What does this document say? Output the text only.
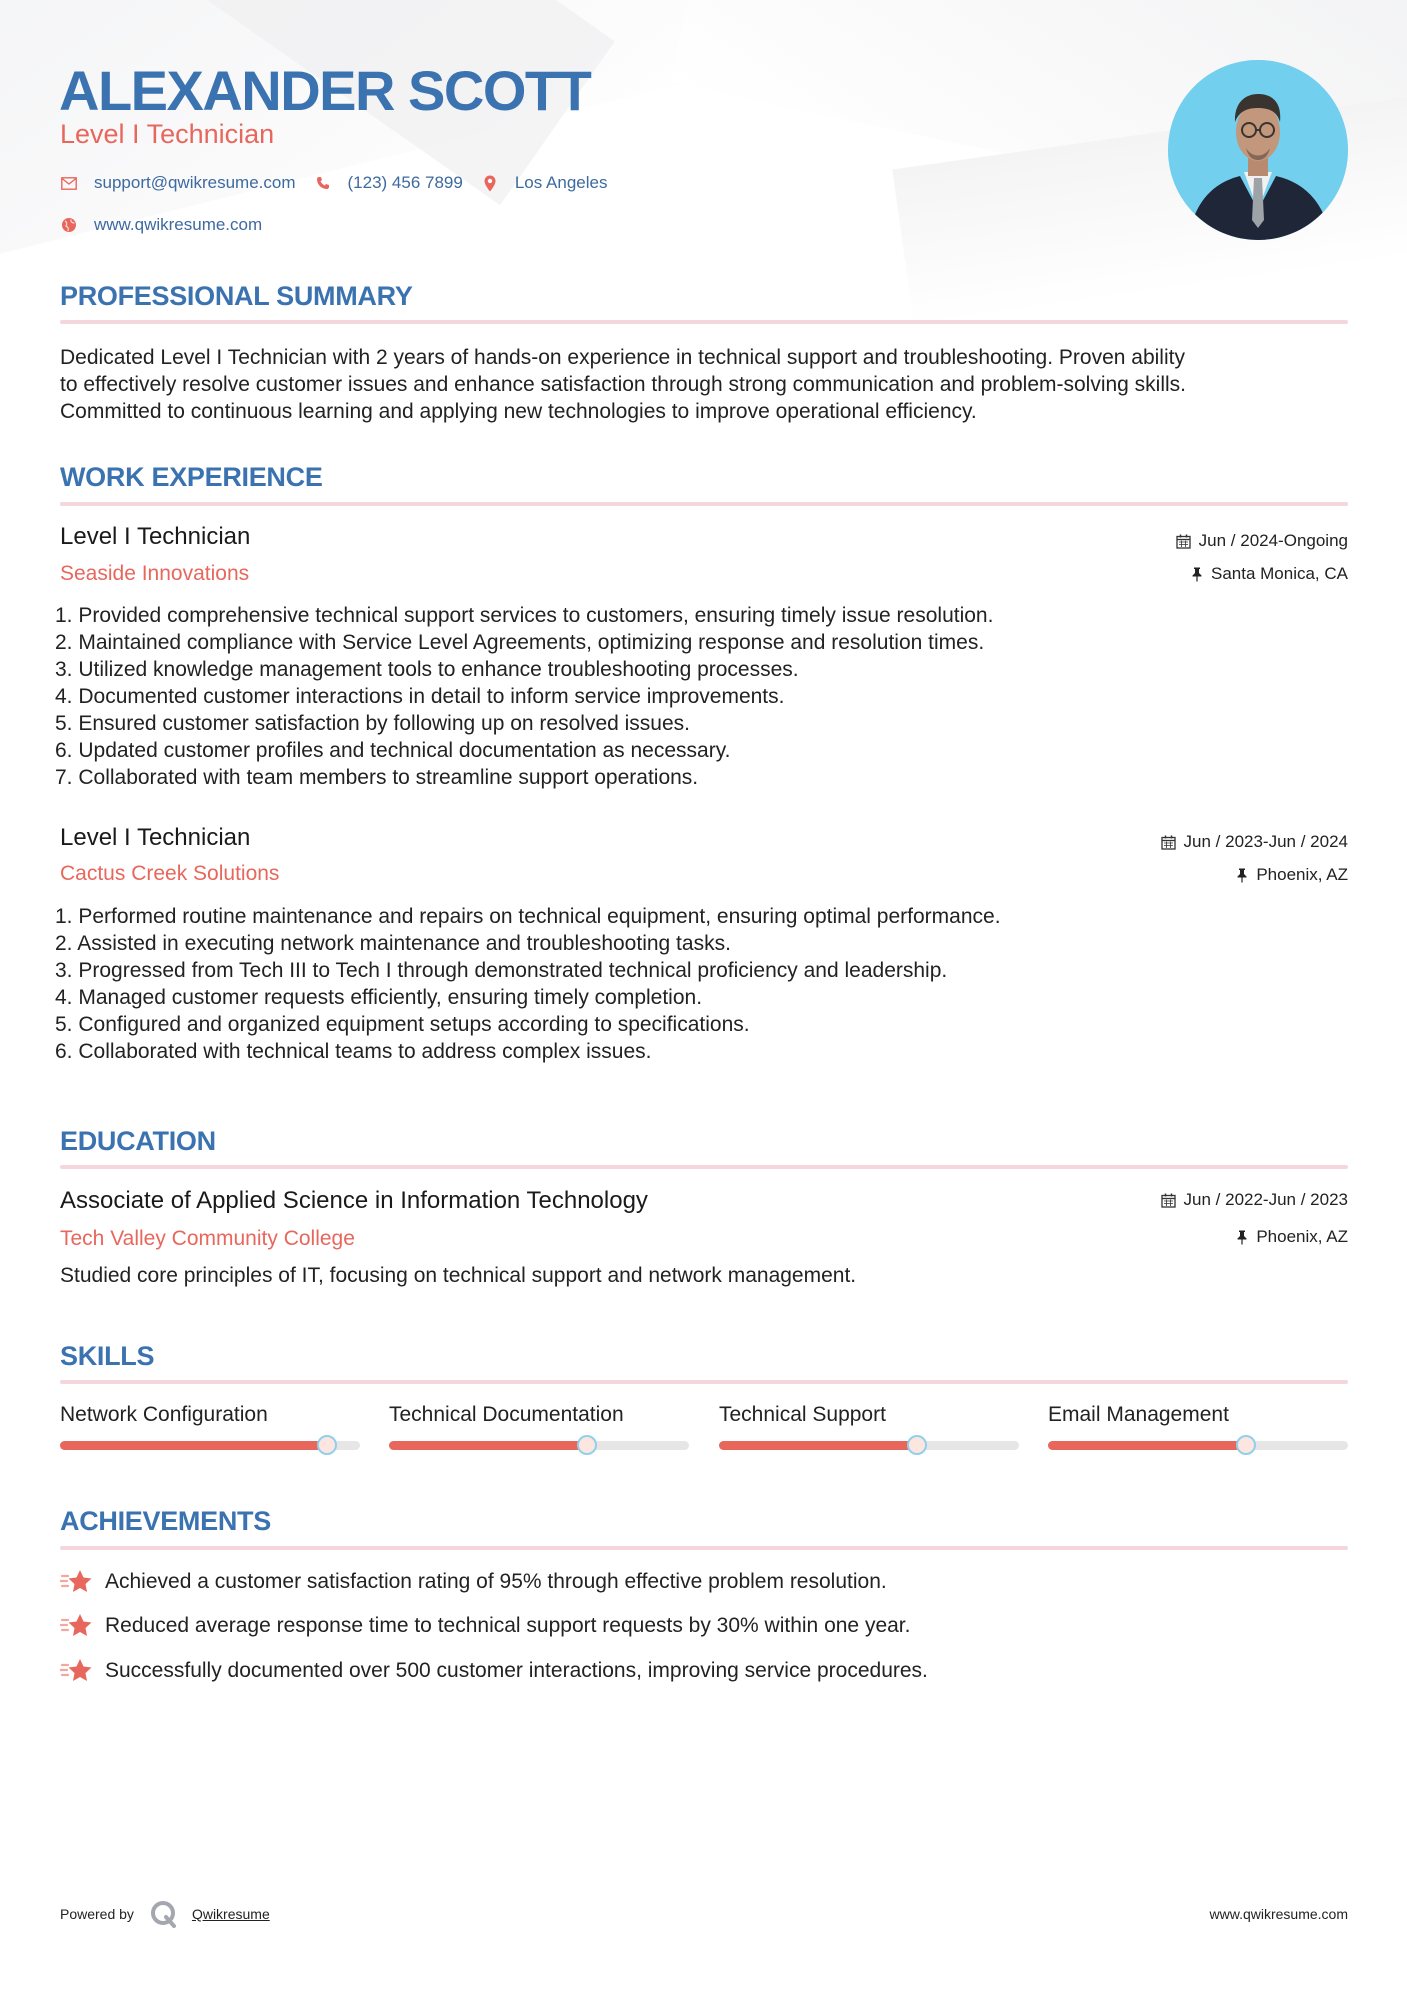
ALEXANDER SCOTT
Level I Technician
support@qwikresume.com	(123) 456 7899	Los Angeles
www.qwikresume.com
PROFESSIONAL SUMMARY
Dedicated Level I Technician with 2 years of hands-on experience in technical support and troubleshooting. Proven ability
to effectively resolve customer issues and enhance satisfaction through strong communication and problem-solving skills.
Committed to continuous learning and applying new technologies to improve operational efficiency.
WORK EXPERIENCE
Level I Technician
Seaside Innovations
Jun / 2024-Ongoing
Santa Monica, CA
1. Provided comprehensive technical support services to customers, ensuring timely issue resolution.
2. Maintained compliance with Service Level Agreements, optimizing response and resolution times.
3. Utilized knowledge management tools to enhance troubleshooting processes.
4. Documented customer interactions in detail to inform service improvements.
5. Ensured customer satisfaction by following up on resolved issues.
6. Updated customer profiles and technical documentation as necessary.
7. Collaborated with team members to streamline support operations.
Level I Technician
Cactus Creek Solutions
Jun / 2023-Jun / 2024
Phoenix, AZ
1. Performed routine maintenance and repairs on technical equipment, ensuring optimal performance.
2. Assisted in executing network maintenance and troubleshooting tasks.
3. Progressed from Tech III to Tech I through demonstrated technical proficiency and leadership.
4. Managed customer requests efficiently, ensuring timely completion.
5. Configured and organized equipment setups according to specifications.
6. Collaborated with technical teams to address complex issues.
EDUCATION
Associate of Applied Science in Information Technology
Tech Valley Community College
Jun / 2022-Jun / 2023
Phoenix, AZ
Studied core principles of IT, focusing on technical support and network management.
SKILLS
Network Configuration	Technical Documentation	Technical Support	Email Management
ACHIEVEMENTS
Achieved a customer satisfaction rating of 95% through effective problem resolution.
Reduced average response time to technical support requests by 30% within one year.
Successfully documented over 500 customer interactions, improving service procedures.
Powered by	Qwikresume	www.qwikresume.com
